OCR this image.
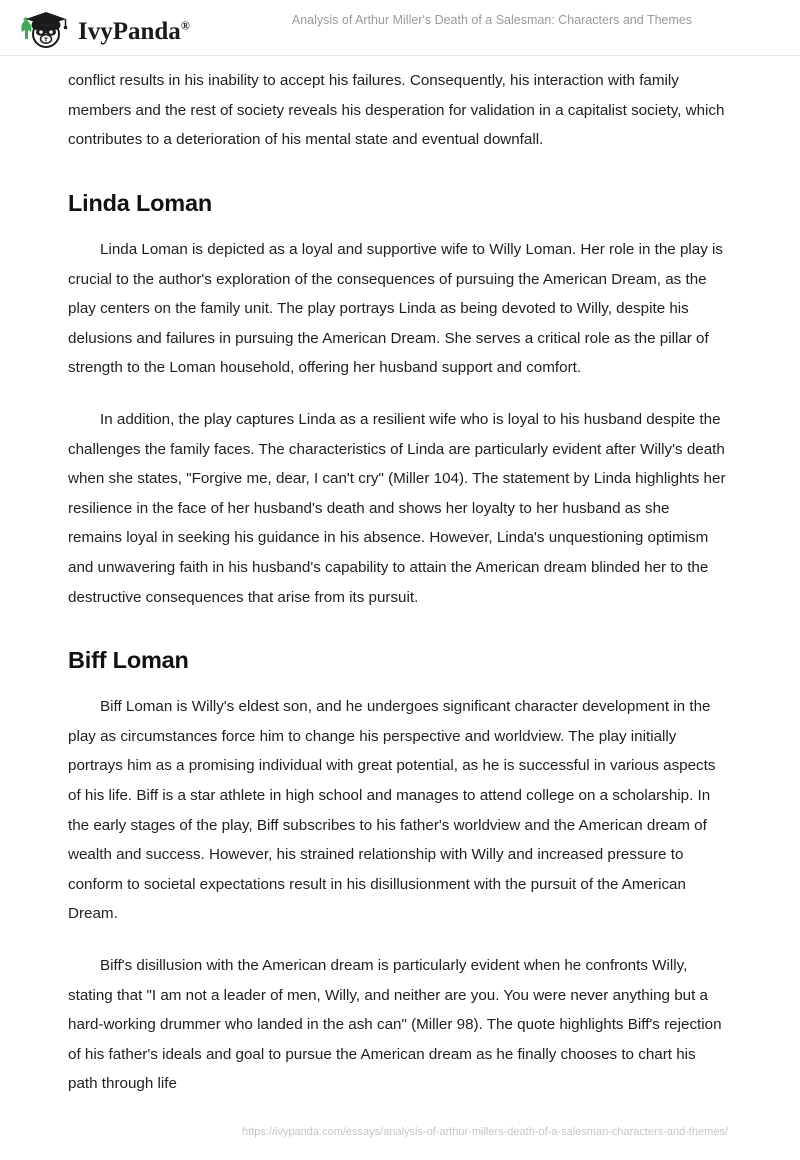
IvyPanda®	Analysis of Arthur Miller's Death of a Salesman: Characters and Themes

conflict results in his inability to accept his failures. Consequently, his interaction with family members and the rest of society reveals his desperation for validation in a capitalist society, which contributes to a deterioration of his mental state and eventual downfall.

Linda Loman

Linda Loman is depicted as a loyal and supportive wife to Willy Loman. Her role in the play is crucial to the author's exploration of the consequences of pursuing the American Dream, as the play centers on the family unit. The play portrays Linda as being devoted to Willy, despite his delusions and failures in pursuing the American Dream. She serves a critical role as the pillar of strength to the Loman household, offering her husband support and comfort.

In addition, the play captures Linda as a resilient wife who is loyal to his husband despite the challenges the family faces. The characteristics of Linda are particularly evident after Willy's death when she states, "Forgive me, dear, I can't cry" (Miller 104). The statement by Linda highlights her resilience in the face of her husband's death and shows her loyalty to her husband as she remains loyal in seeking his guidance in his absence. However, Linda's unquestioning optimism and unwavering faith in his husband's capability to attain the American dream blinded her to the destructive consequences that arise from its pursuit.

Biff Loman

Biff Loman is Willy's eldest son, and he undergoes significant character development in the play as circumstances force him to change his perspective and worldview. The play initially portrays him as a promising individual with great potential, as he is successful in various aspects of his life. Biff is a star athlete in high school and manages to attend college on a scholarship. In the early stages of the play, Biff subscribes to his father's worldview and the American dream of wealth and success. However, his strained relationship with Willy and increased pressure to conform to societal expectations result in his disillusionment with the pursuit of the American Dream.

Biff's disillusion with the American dream is particularly evident when he confronts Willy, stating that "I am not a leader of men, Willy, and neither are you. You were never anything but a hard-working drummer who landed in the ash can" (Miller 98). The quote highlights Biff's rejection of his father's ideals and goal to pursue the American dream as he finally chooses to chart his path through life

https://ivypanda.com/essays/analysis-of-arthur-millers-death-of-a-salesman-characters-and-themes/
